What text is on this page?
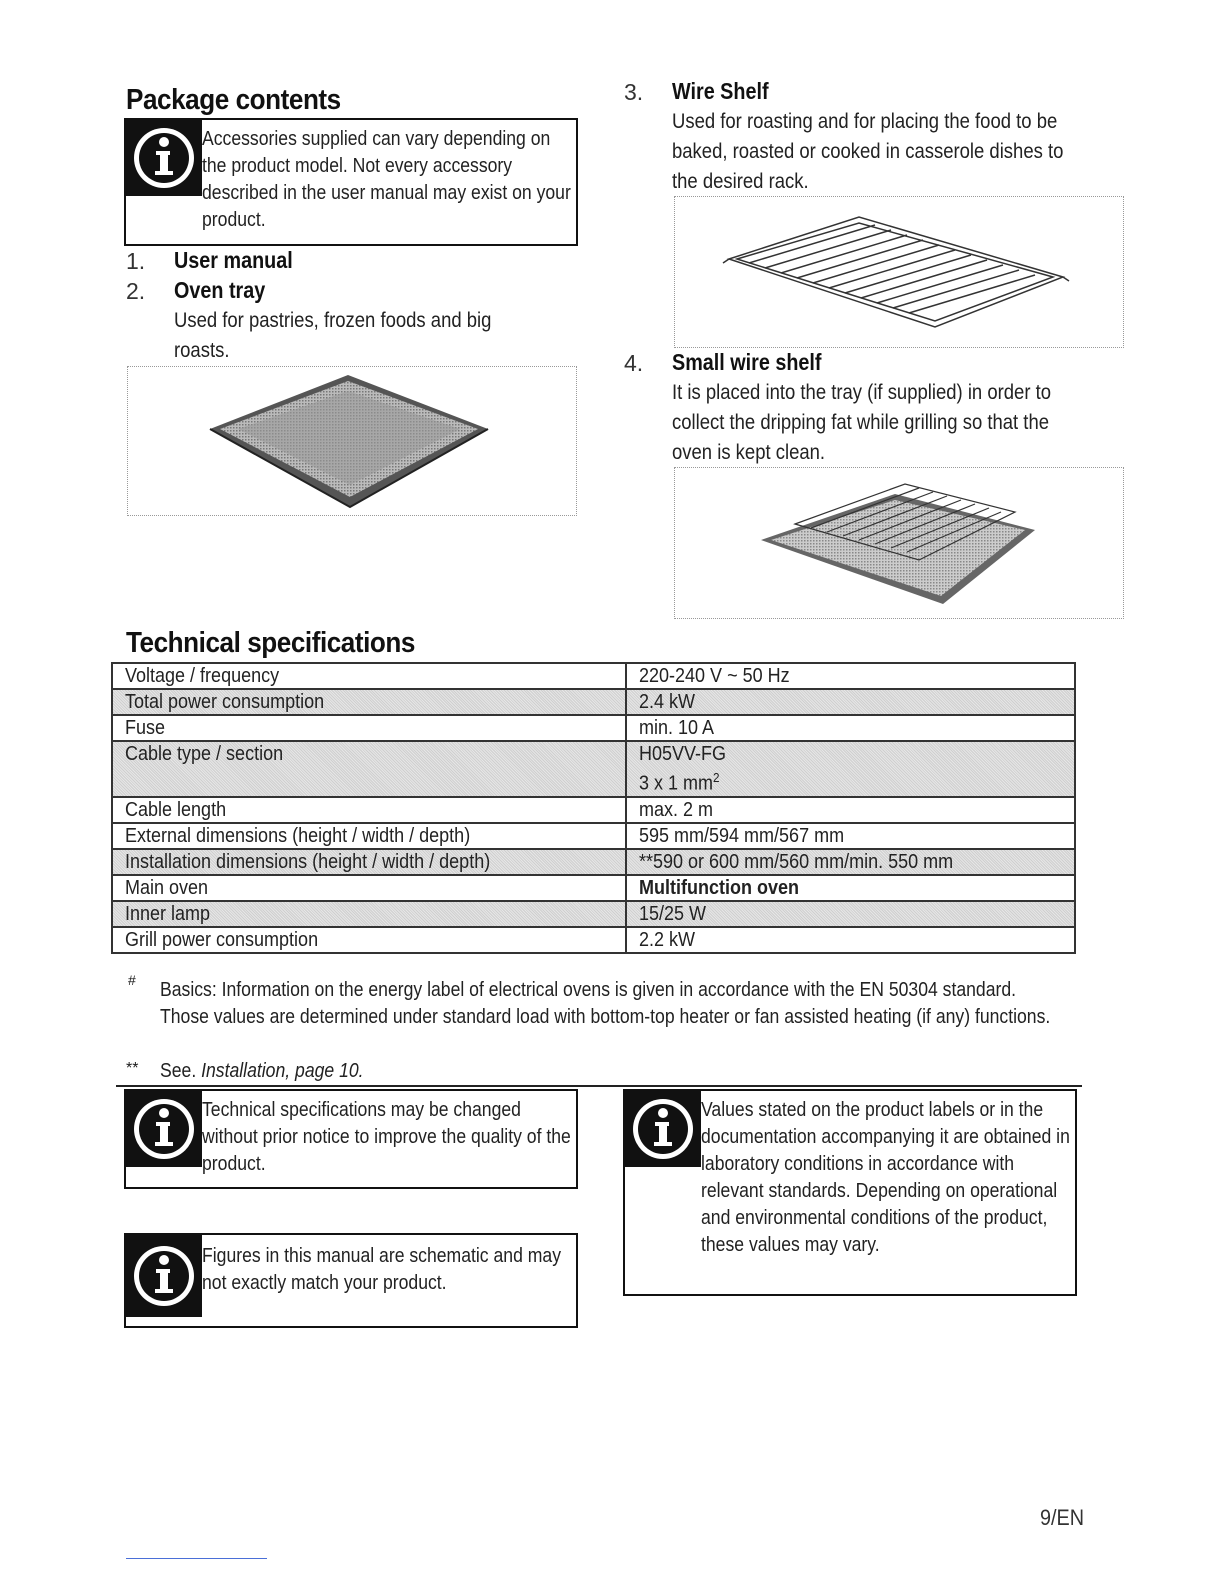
Package contents
Accessories supplied can vary depending on the product model. Not every accessory described in the user manual may exist on your product.
1. User manual
2. Oven tray
Used for pastries, frozen foods and big roasts.
3. Wire Shelf
Used for roasting and for placing the food to be baked, roasted or cooked in casserole dishes to the desired rack.
4. Small wire shelf
It is placed into the tray (if supplied) in order to collect the dripping fat while grilling so that the oven is kept clean.
Technical specifications
Voltage / frequency	220-240 V ~ 50 Hz
Total power consumption	2.4 kW
Fuse	min. 10 A
Cable type / section	H05VV-FG
3 x 1 $mm^2$
Cable length	max. 2 m
External dimensions (height / width / depth)	595 mm/594 mm/567 mm
Installation dimensions (height / width / depth)	**590 or 600 mm/560 mm/min. 550 mm
Main oven	Multifunction oven
Inner lamp	15/25 W
Grill power consumption	2.2 kW
# Basics: Information on the energy label of electrical ovens is given in accordance with the EN 50304 standard. Those values are determined under standard load with bottom-top heater or fan assisted heating (if any) functions.
** See. Installation, page 10.
Technical specifications may be changed without prior notice to improve the quality of the product.
Figures in this manual are schematic and may not exactly match your product.
Values stated on the product labels or in the documentation accompanying it are obtained in laboratory conditions in accordance with relevant standards. Depending on operational and environmental conditions of the product, these values may vary.
9/EN
